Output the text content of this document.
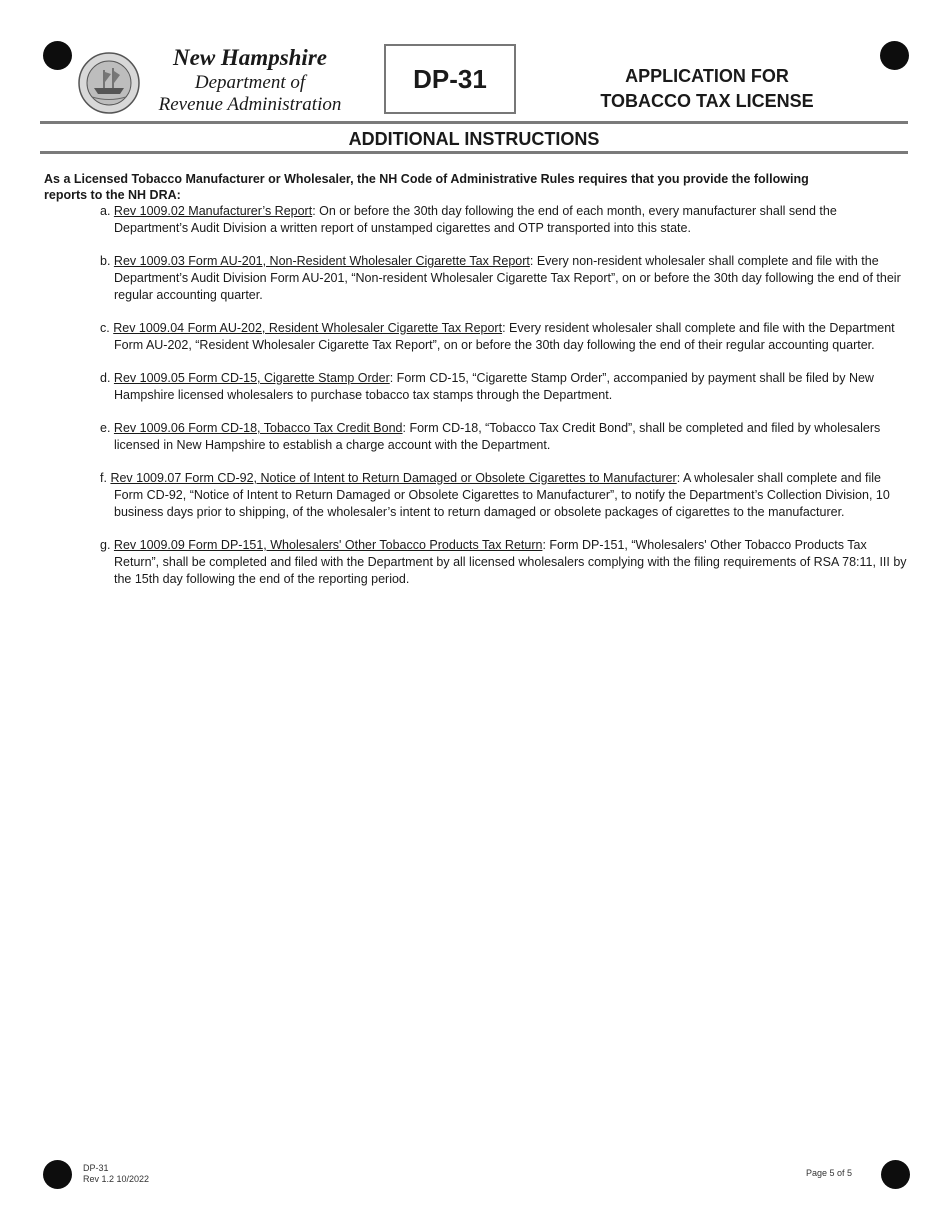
New Hampshire
Department of
Revenue Administration
DP-31	APPLICATION FOR
TOBACCO TAX LICENSE
ADDITIONAL INSTRUCTIONS
As a Licensed Tobacco Manufacturer or Wholesaler, the NH Code of Administrative Rules requires that you provide the following reports to the NH DRA:
a. Rev 1009.02 Manufacturer’s Report: On or before the 30th day following the end of each month, every manufacturer shall send the Department’s Audit Division a written report of unstamped cigarettes and OTP transported into this state.
b. Rev 1009.03 Form AU-201, Non-Resident Wholesaler Cigarette Tax Report: Every non-resident wholesaler shall complete and file with the Department’s Audit Division Form AU-201, “Non-resident Wholesaler Cigarette Tax Report”, on or before the 30th day following the end of their regular accounting quarter.
c. Rev 1009.04 Form AU-202, Resident Wholesaler Cigarette Tax Report: Every resident wholesaler shall complete and file with the Department Form AU-202, “Resident Wholesaler Cigarette Tax Report”, on or before the 30th day following the end of their regular accounting quarter.
d. Rev 1009.05 Form CD-15, Cigarette Stamp Order: Form CD-15, “Cigarette Stamp Order”, accompanied by payment shall be filed by New Hampshire licensed wholesalers to purchase tobacco tax stamps through the Department.
e. Rev 1009.06 Form CD-18, Tobacco Tax Credit Bond: Form CD-18, “Tobacco Tax Credit Bond”, shall be completed and filed by wholesalers licensed in New Hampshire to establish a charge account with the Department.
f. Rev 1009.07 Form CD-92, Notice of Intent to Return Damaged or Obsolete Cigarettes to Manufacturer: A wholesaler shall complete and file Form CD-92, “Notice of Intent to Return Damaged or Obsolete Cigarettes to Manufacturer”, to notify the Department’s Collection Division, 10 business days prior to shipping, of the wholesaler’s intent to return damaged or obsolete packages of cigarettes to the manufacturer.
g. Rev 1009.09 Form DP-151, Wholesalers' Other Tobacco Products Tax Return: Form DP-151, “Wholesalers' Other Tobacco Products Tax Return”, shall be completed and filed with the Department by all licensed wholesalers complying with the filing requirements of RSA 78:11, III by the 15th day following the end of the reporting period.
DP-31
Rev 1.2 10/2022
Page 5 of 5
